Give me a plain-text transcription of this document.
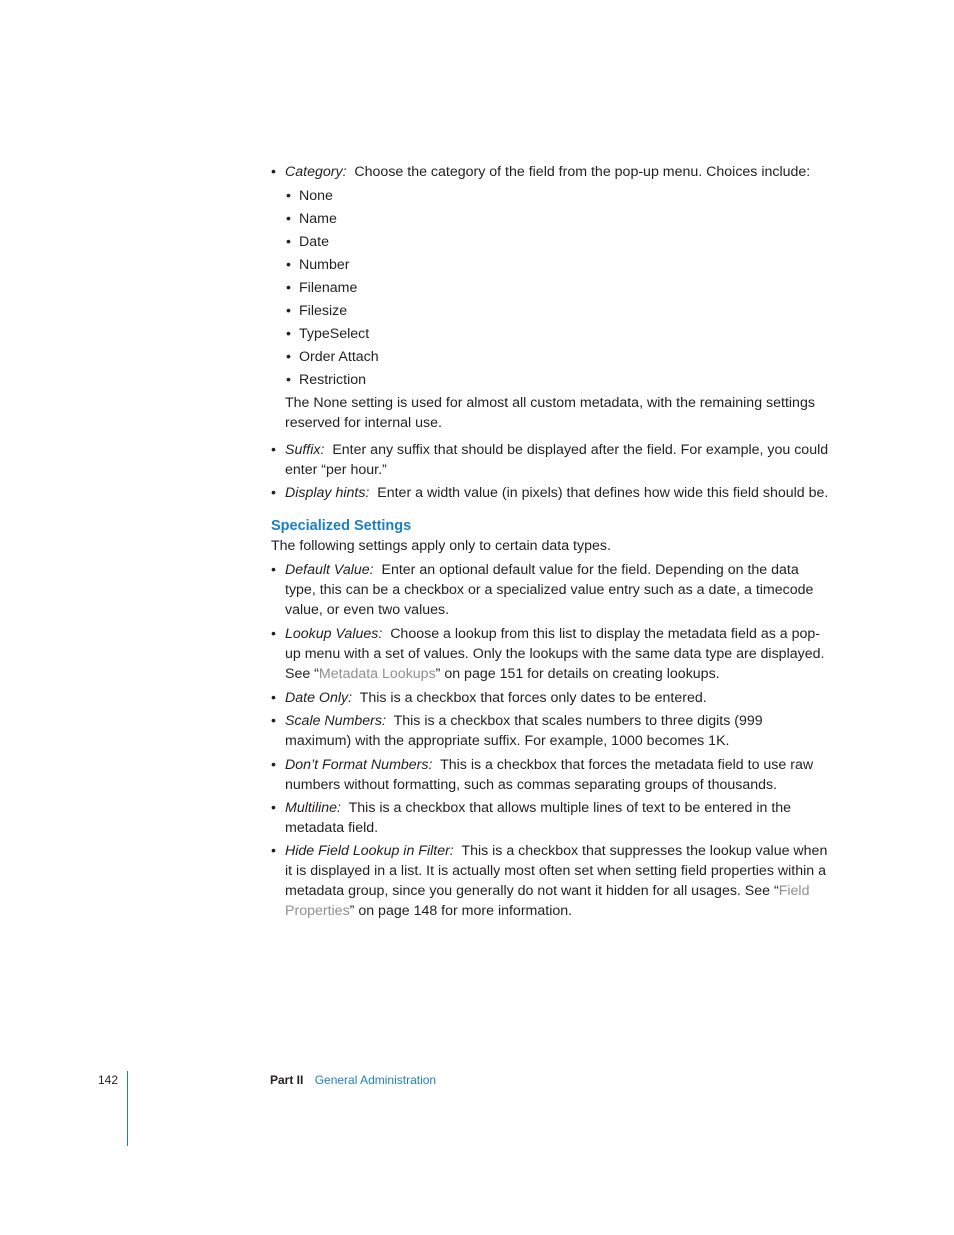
• Category: Choose the category of the field from the pop-up menu. Choices include:
• None
• Name
• Date
• Number
• Filename
• Filesize
• TypeSelect
• Order Attach
• Restriction
The None setting is used for almost all custom metadata, with the remaining settings reserved for internal use.
• Suffix: Enter any suffix that should be displayed after the field. For example, you could enter “per hour.”
• Display hints: Enter a width value (in pixels) that defines how wide this field should be.
Specialized Settings
The following settings apply only to certain data types.
• Default Value: Enter an optional default value for the field. Depending on the data type, this can be a checkbox or a specialized value entry such as a date, a timecode value, or even two values.
• Lookup Values: Choose a lookup from this list to display the metadata field as a pop-up menu with a set of values. Only the lookups with the same data type are displayed. See “Metadata Lookups” on page 151 for details on creating lookups.
• Date Only: This is a checkbox that forces only dates to be entered.
• Scale Numbers: This is a checkbox that scales numbers to three digits (999 maximum) with the appropriate suffix. For example, 1000 becomes 1K.
• Don’t Format Numbers: This is a checkbox that forces the metadata field to use raw numbers without formatting, such as commas separating groups of thousands.
• Multiline: This is a checkbox that allows multiple lines of text to be entered in the metadata field.
• Hide Field Lookup in Filter: This is a checkbox that suppresses the lookup value when it is displayed in a list. It is actually most often set when setting field properties within a metadata group, since you generally do not want it hidden for all usages. See “Field Properties” on page 148 for more information.
142	Part II General Administration
